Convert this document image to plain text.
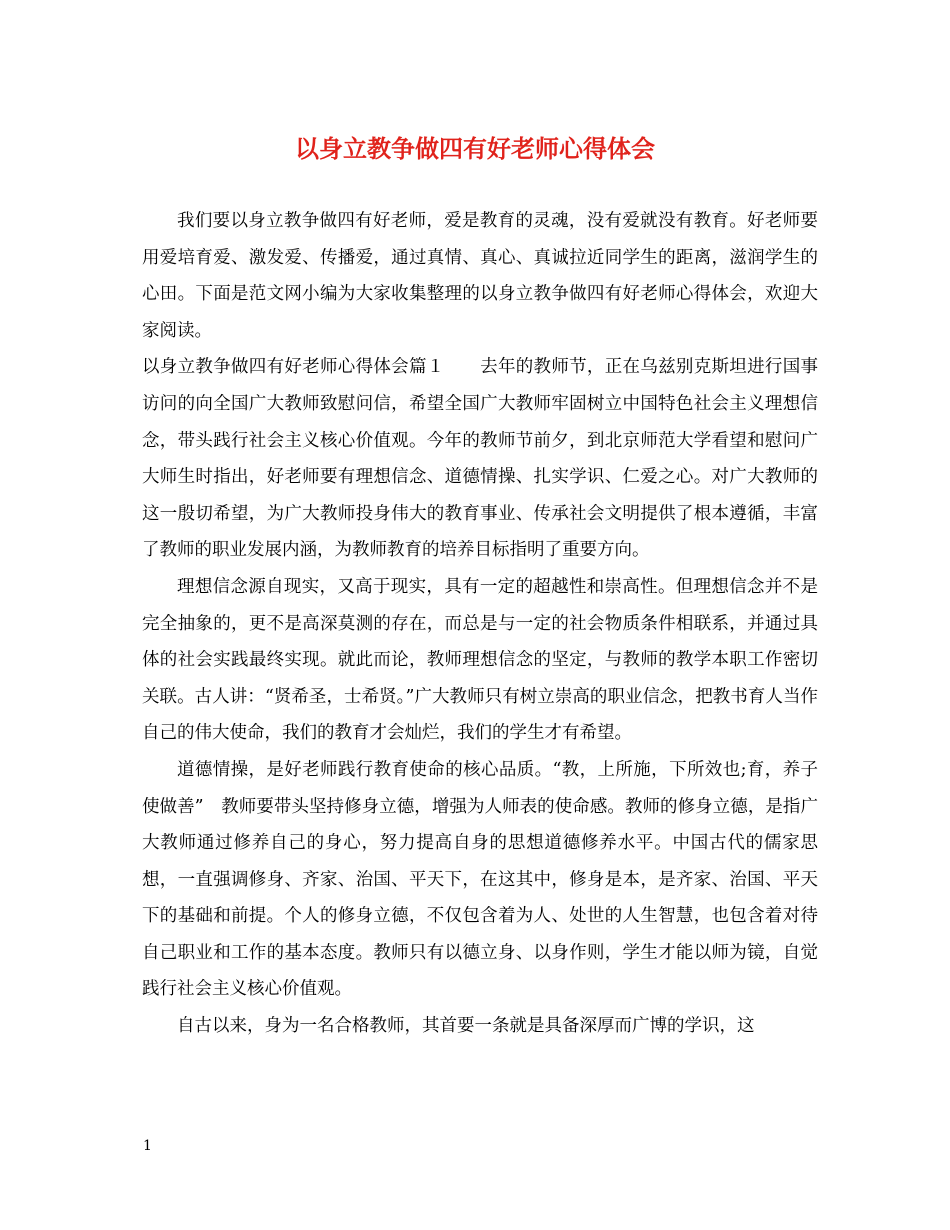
以身立教争做四有好老师心得体会

我们要以身立教争做四有好老师，爱是教育的灵魂，没有爱就没有教育。好老师要用爱培育爱、激发爱、传播爱，通过真情、真心、真诚拉近同学生的距离，滋润学生的心田。下面是范文网小编为大家收集整理的以身立教争做四有好老师心得体会，欢迎大家阅读。

以身立教争做四有好老师心得体会篇１　　去年的教师节，正在乌兹别克斯坦进行国事访问的向全国广大教师致慰问信，希望全国广大教师牢固树立中国特色社会主义理想信念，带头践行社会主义核心价值观。今年的教师节前夕，到北京师范大学看望和慰问广大师生时指出，好老师要有理想信念、道德情操、扎实学识、仁爱之心。对广大教师的这一殷切希望，为广大教师投身伟大的教育事业、传承社会文明提供了根本遵循，丰富了教师的职业发展内涵，为教师教育的培养目标指明了重要方向。

理想信念源自现实，又高于现实，具有一定的超越性和崇高性。但理想信念并不是完全抽象的，更不是高深莫测的存在，而总是与一定的社会物质条件相联系，并通过具体的社会实践最终实现。就此而论，教师理想信念的坚定，与教师的教学本职工作密切关联。古人讲：“贤希圣，士希贤。”广大教师只有树立崇高的职业信念，把教书育人当作自己的伟大使命，我们的教育才会灿烂，我们的学生才有希望。

道德情操，是好老师践行教育使命的核心品质。“教，上所施，下所效也;育，养子使做善”　教师要带头坚持修身立德，增强为人师表的使命感。教师的修身立德，是指广大教师通过修养自己的身心，努力提高自身的思想道德修养水平。中国古代的儒家思想，一直强调修身、齐家、治国、平天下，在这其中，修身是本，是齐家、治国、平天下的基础和前提。个人的修身立德，不仅包含着为人、处世的人生智慧，也包含着对待自己职业和工作的基本态度。教师只有以德立身、以身作则，学生才能以师为镜，自觉践行社会主义核心价值观。

自古以来，身为一名合格教师，其首要一条就是具备深厚而广博的学识，这

1
